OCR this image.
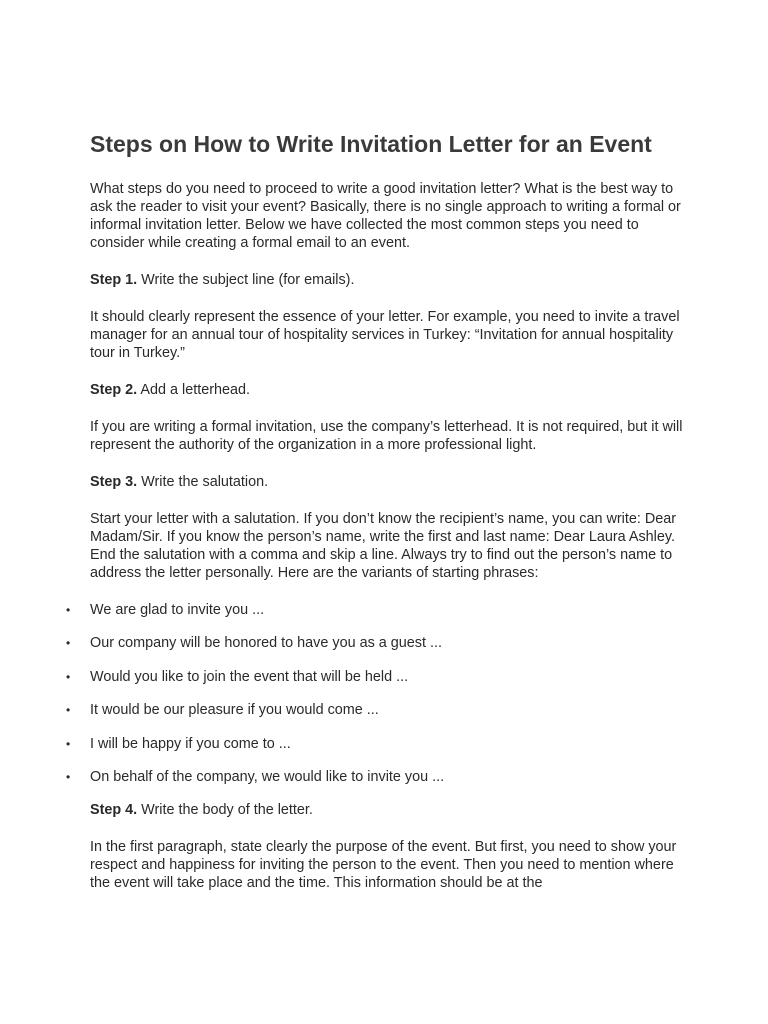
Steps on How to Write Invitation Letter for an Event

What steps do you need to proceed to write a good invitation letter? What is the best way to ask the reader to visit your event? Basically, there is no single approach to writing a formal or informal invitation letter. Below we have collected the most common steps you need to consider while creating a formal email to an event.

Step 1. Write the subject line (for emails).

It should clearly represent the essence of your letter. For example, you need to invite a travel manager for an annual tour of hospitality services in Turkey: “Invitation for annual hospitality tour in Turkey.”

Step 2. Add a letterhead.

If you are writing a formal invitation, use the company’s letterhead. It is not required, but it will represent the authority of the organization in a more professional light.

Step 3. Write the salutation.

Start your letter with a salutation. If you don’t know the recipient’s name, you can write: Dear Madam/Sir. If you know the person’s name, write the first and last name: Dear Laura Ashley. End the salutation with a comma and skip a line. Always try to find out the person’s name to address the letter personally. Here are the variants of starting phrases:

•	We are glad to invite you ...
•	Our company will be honored to have you as a guest ...
•	Would you like to join the event that will be held ...
•	It would be our pleasure if you would come ...
•	I will be happy if you come to ...
•	On behalf of the company, we would like to invite you ...

Step 4. Write the body of the letter.

In the first paragraph, state clearly the purpose of the event. But first, you need to show your respect and happiness for inviting the person to the event. Then you need to mention where the event will take place and the time. This information should be at the
